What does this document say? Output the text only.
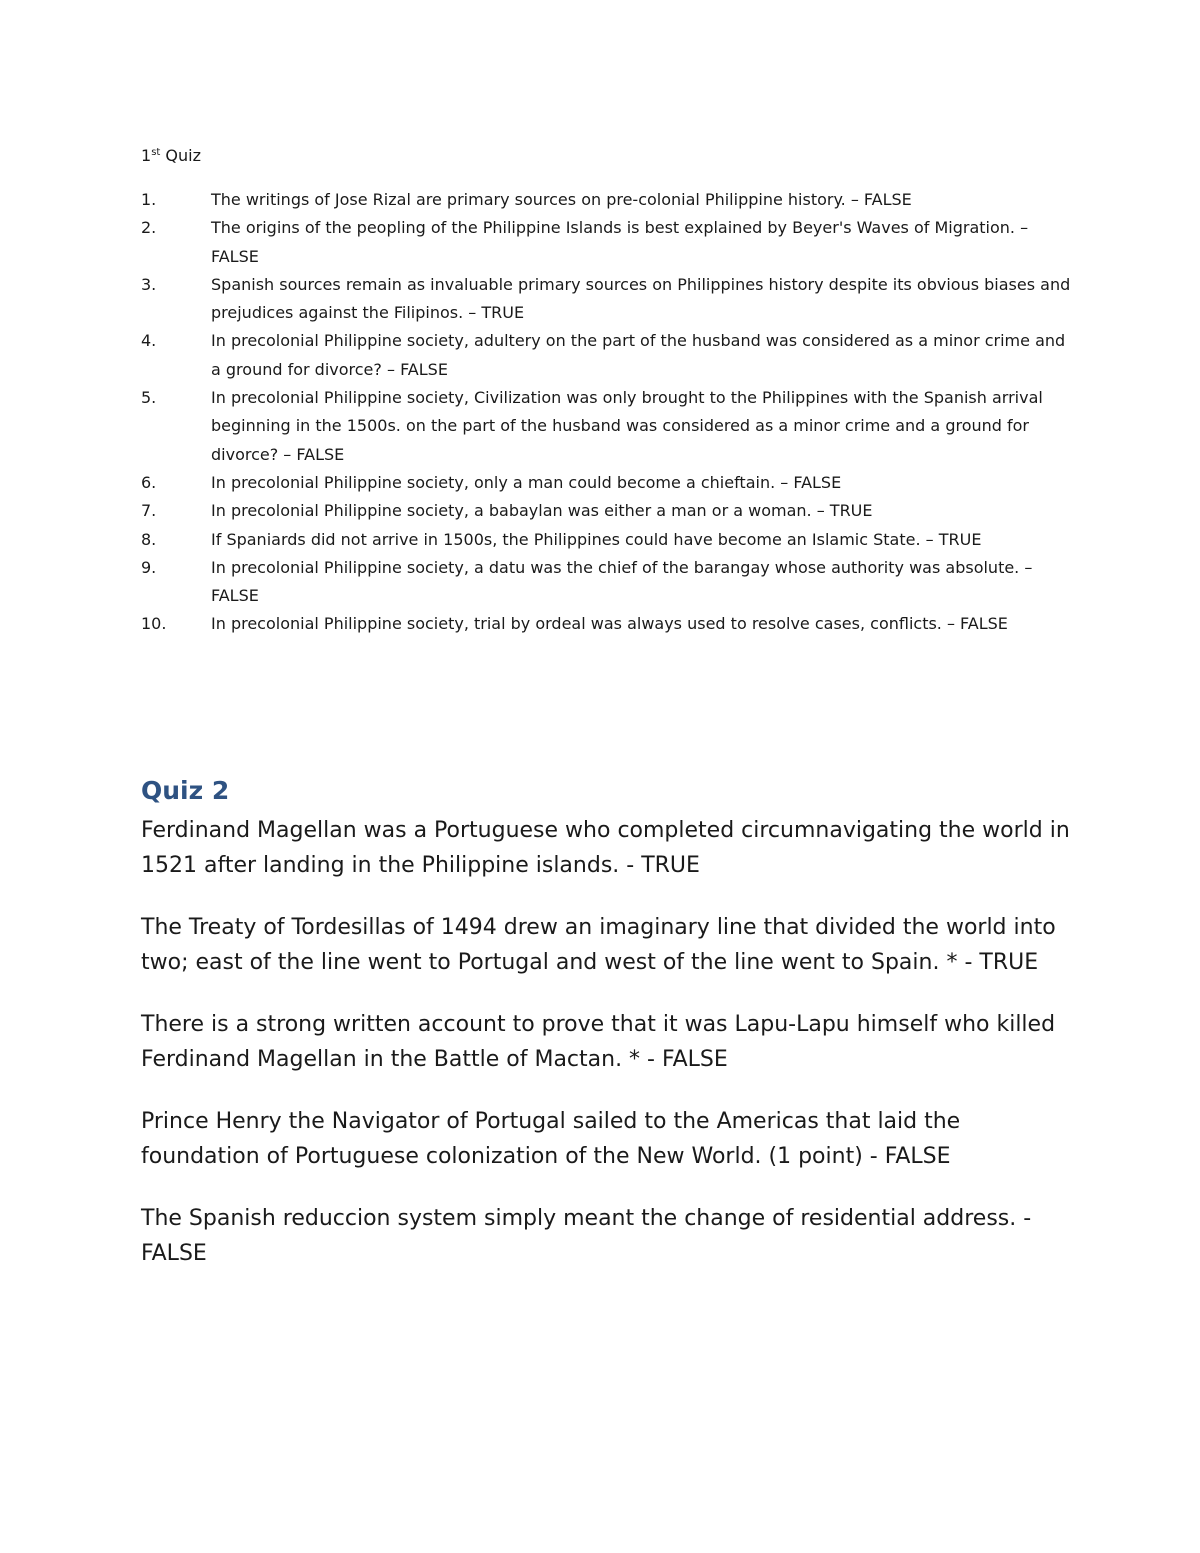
1st Quiz
1.	The writings of Jose Rizal are primary sources on pre-colonial Philippine history. – FALSE
2.	The origins of the peopling of the Philippine Islands is best explained by Beyer's Waves of Migration. – FALSE
3.	Spanish sources remain as invaluable primary sources on Philippines history despite its obvious biases and prejudices against the Filipinos. – TRUE
4.	In precolonial Philippine society, adultery on the part of the husband was considered as a minor crime and a ground for divorce? – FALSE
5.	In precolonial Philippine society, Civilization was only brought to the Philippines with the Spanish arrival beginning in the 1500s. on the part of the husband was considered as a minor crime and a ground for divorce? – FALSE
6.	In precolonial Philippine society, only a man could become a chieftain. – FALSE
7.	In precolonial Philippine society, a babaylan was either a man or a woman. – TRUE
8.	If Spaniards did not arrive in 1500s, the Philippines could have become an Islamic State. – TRUE
9.	In precolonial Philippine society, a datu was the chief of the barangay whose authority was absolute. – FALSE
10.	In precolonial Philippine society, trial by ordeal was always used to resolve cases, conflicts. – FALSE
Quiz 2

Ferdinand Magellan was a Portuguese who completed circumnavigating the world in 1521 after landing in the Philippine islands. - TRUE

The Treaty of Tordesillas of 1494 drew an imaginary line that divided the world into two; east of the line went to Portugal and west of the line went to Spain. * - TRUE

There is a strong written account to prove that it was Lapu-Lapu himself who killed Ferdinand Magellan in the Battle of Mactan. * - FALSE

Prince Henry the Navigator of Portugal sailed to the Americas that laid the foundation of Portuguese colonization of the New World. (1 point) - FALSE

The Spanish reduccion system simply meant the change of residential address. - FALSE
